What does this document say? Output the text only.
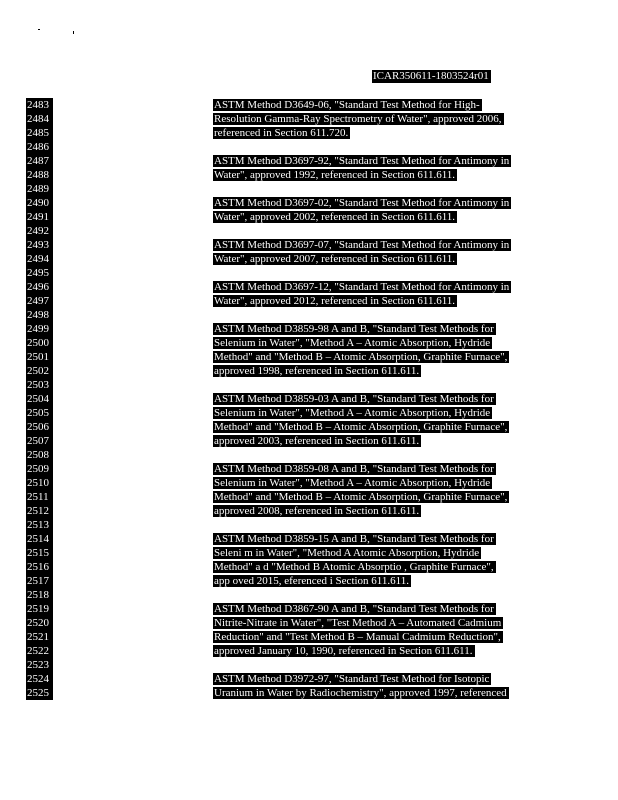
ICAR350611-1803524r01
2483
2484
2485
2486
2487
2488
2489
2490
2491
2492
2493
2494
2495
2496
2497
2498
2499
2500
2501
2502
2503
2504
2505
2506
2507
2508
2509
2510
2511
2512
2513
2514
2515
2516
2517
2518
2519
2520
2521
2522
2523
2524
2525
ASTM Method D3649-06, "Standard Test Method for High-
Resolution Gamma-Ray Spectrometry of Water", approved 2006,
referenced in Section 611.720.
ASTM Method D3697-92, "Standard Test Method for Antimony in
Water", approved 1992, referenced in Section 611.611.
ASTM Method D3697-02, "Standard Test Method for Antimony in
Water", approved 2002, referenced in Section 611.611.
ASTM Method D3697-07, "Standard Test Method for Antimony in
Water", approved 2007, referenced in Section 611.611.
ASTM Method D3697-12, "Standard Test Method for Antimony in
Water", approved 2012, referenced in Section 611.611.
ASTM Method D3859-98 A and B, "Standard Test Methods for
Selenium in Water", "Method A – Atomic Absorption, Hydride
Method" and "Method B – Atomic Absorption, Graphite Furnace",
approved 1998, referenced in Section 611.611.
ASTM Method D3859-03 A and B, "Standard Test Methods for
Selenium in Water", "Method A – Atomic Absorption, Hydride
Method" and "Method B – Atomic Absorption, Graphite Furnace",
approved 2003, referenced in Section 611.611.
ASTM Method D3859-08 A and B, "Standard Test Methods for
Selenium in Water", "Method A – Atomic Absorption, Hydride
Method" and "Method B – Atomic Absorption, Graphite Furnace",
approved 2008, referenced in Section 611.611.
ASTM Method D3859-15 A and B, "Standard Test Methods for
Seleni m in Water", "Method A Atomic Absorption, Hydride
Method" a d "Method B Atomic Absorptio , Graphite Furnace",
app oved 2015, eferenced i Section 611.611.
ASTM Method D3867-90 A and B, "Standard Test Methods for
Nitrite-Nitrate in Water", "Test Method A – Automated Cadmium
Reduction" and "Test Method B – Manual Cadmium Reduction",
approved January 10, 1990, referenced in Section 611.611.
ASTM Method D3972-97, "Standard Test Method for Isotopic
Uranium in Water by Radiochemistry", approved 1997, referenced
